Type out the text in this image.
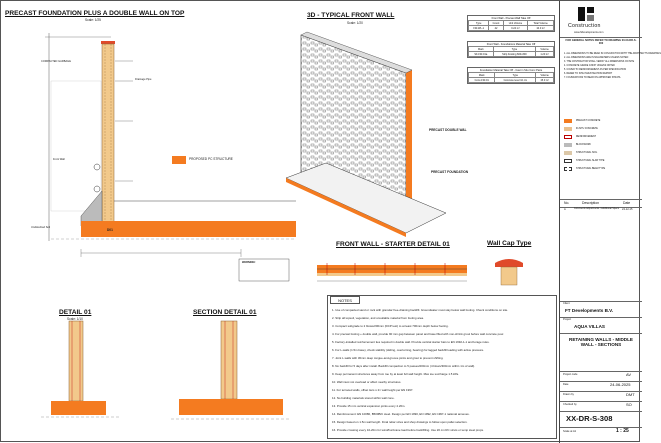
PRECAST FOUNDATION PLUS A DOUBLE WALL ON TOP
Scale: 1/25
COMPACTED GARBAGE
Front Wall
Drainage Pipe
Undisturbed Soil
D01
WARNING!
PROPOSED PC STRUCTURE
3D - TYPICAL FRONT WALL
Scale: 1/20
PRECAST DOUBLE WAL
PRECAST FOUNDATION
Front Wall - Precast Wall Take Off
Type	Count	Unit Volume	Total Volume
FW-WL-1	42	0.24 m³	10.0 m³
Front Wall - Foundations Material Take Off
Mark	Type	Volume
SF-FW-01a	Strip Footing 600x300	1.20 m³
Foundation Material Take Off - Cast in Situ Conc Parts
Mark	Type	Volume
Conc-FW-01	Concrete level 10 cm	15.0 m³
FRONT WALL - STARTER DETAIL 01	Wall Cap Type
DETAIL 01
Scale: 1/10
SECTION DETAIL 01
NOTES
1. Use of compacted sand or rock with granular free-draining backfill. Groundwater must stay below wall footing. Check conditions on site.
2. Strip all topsoil, vegetation, and unsuitable material from footing area.
3. Compact subgrade to 2 blows/200mm (DCP test) to at least 700mm depth below footing.
4. For precast footing + double wall, provide 90 mm gap between panel and base filled with non-shrink grout before wall concrete pour.
5. Factory-installed reinforcement ties required in double wall. Provide vertical starter bars to EN 1992-1-1 anchorage rules.
6. For L-walls (1.5m base), check stability (sliding, overturning, bearing) for lagged backfill loading with active pressure.
7. Joint L-walls with 30mm deep tongue-and-groove joints and grout to prevent shifting.
8. No backfill for 5 days after install. Backfill compaction to 5 passes/200mm (4 blows/300mm within 1m of wall).
9. Keep permanent structures away from toe by at least full wall height. Max toe surcharge 1.5 kPa.
10. Wall must not overload or affect nearby structures.
11. For terraced walls, offset tiers ≥ 2× wall height per EN 1997.
12. No building materials stored within wall zone.
13. Provide 15 mm vertical expansion joints every 4.20m.
14. Reinforcement: EN 10080, B500B/C steel. Design per EN 1990, EN 1992, EN 1997-1 national annexes.
15. Design based on 1.5m wall length. Final rebar sizes and shop drawings to follow upon pallet selection.
16. Provide crossing every 10-20m for wind/hurricane load before backfilling. Use 20 cm RC struts or temp steel props.
Construction
www.ftdevelopments.com
FOR GENERAL NOTES REFER TO DRAWING 00-00-DR-S-000
1. ALL DIMENSIONS TO BE READ IN CONJUNCTION WITH THE ARCHITECT'S DRAWINGS
2. ALL DIMENSIONS ARE IN MILLIMETERS UNLESS NOTED
3. THE CONTRACTOR SHALL VERIFY ALL DIMENSIONS ON SITE
4. CONCRETE GRADE C30/37 UNLESS NOTED
5. COVER TO REINFORCEMENT AS PER SPECIFICATION
6. REFER TO SITE INVESTIGATION REPORT
7. FOUNDATIONS TO BEAR ON APPROVED STRATA
PRECAST CONCRETE
IN-SITU CONCRETE
REINFORCEMENT
BLOCKWORK
STRUCTURAL SOIL
STRUCTURAL SLAB TYPE
STRUCTURAL BEAM TYPE
No.	Description	Date
A	Comments Adjustments / Additional Specs	24-12-15
Client
FT Developments B.V.
Project
AQUA VILLAS
RETAINING WALLS - MIDDLE WALL - SECTIONS
Project code	AV
Date	24-06-2025
Drawn by	DMT
Checked by	SO
XX-DR-S-308
Scale at A1	1 : 25
